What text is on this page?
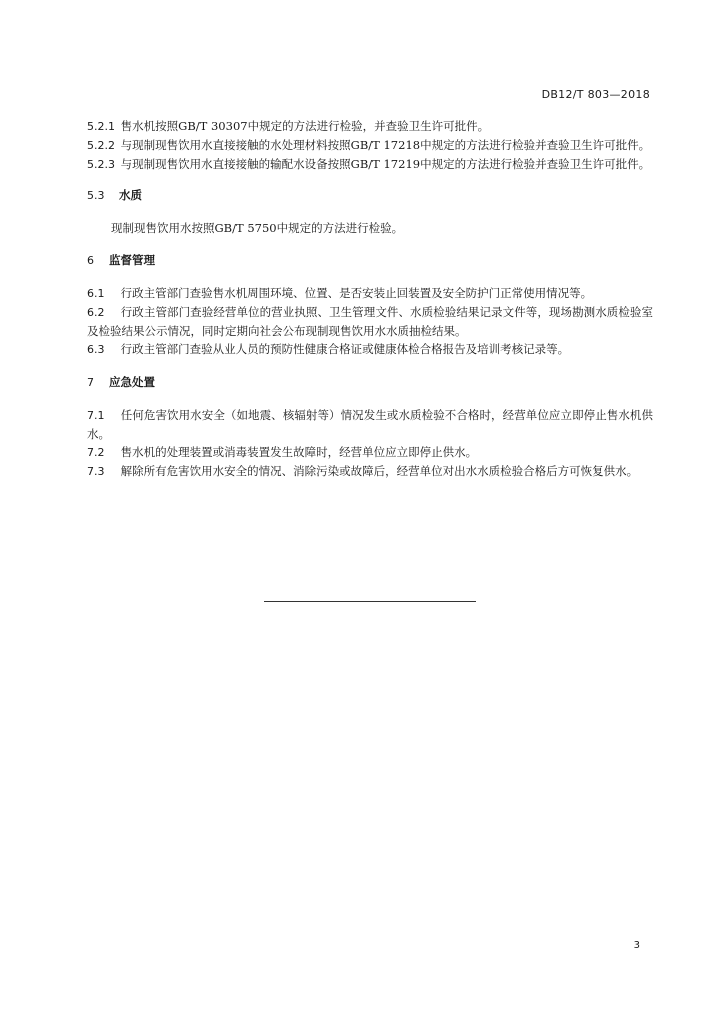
DB12/T 803—2018

5.2.1 售水机按照GB/T 30307中规定的方法进行检验，并查验卫生许可批件。

5.2.2 与现制现售饮用水直接接触的水处理材料按照GB/T 17218中规定的方法进行检验并查验卫生许可批件。

5.2.3 与现制现售饮用水直接接触的输配水设备按照GB/T 17219中规定的方法进行检验并查验卫生许可批件。

5.3 水质

现制现售饮用水按照GB/T 5750中规定的方法进行检验。

6 监督管理

6.1 行政主管部门查验售水机周围环境、位置、是否安装止回装置及安全防护门正常使用情况等。

6.2 行政主管部门查验经营单位的营业执照、卫生管理文件、水质检验结果记录文件等，现场勘测水质检验室及检验结果公示情况，同时定期向社会公布现制现售饮用水水质抽检结果。

6.3 行政主管部门查验从业人员的预防性健康合格证或健康体检合格报告及培训考核记录等。

7 应急处置

7.1 任何危害饮用水安全（如地震、核辐射等）情况发生或水质检验不合格时，经营单位应立即停止售水机供水。

7.2 售水机的处理装置或消毒装置发生故障时，经营单位应立即停止供水。

7.3 解除所有危害饮用水安全的情况、消除污染或故障后，经营单位对出水水质检验合格后方可恢复供水。

3
